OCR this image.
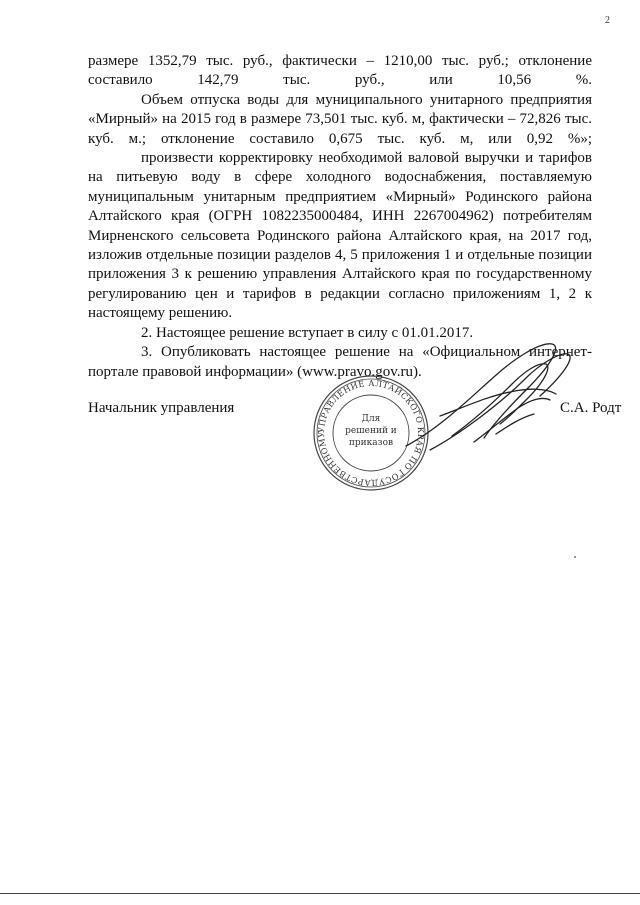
2

размере 1352,79 тыс. руб., фактически – 1210,00 тыс. руб.; отклонение составило 142,79 тыс. руб., или 10,56 %.

Объем отпуска воды для муниципального унитарного предприятия «Мирный» на 2015 год в размере 73,501 тыс. куб. м, фактически – 72,826 тыс. куб. м.; отклонение составило 0,675 тыс. куб. м, или 0,92 %»;

произвести корректировку необходимой валовой выручки и тарифов на питьевую воду в сфере холодного водоснабжения, поставляемую муниципальным унитарным предприятием «Мирный» Родинского района Алтайского края (ОГРН 1082235000484, ИНН 2267004962) потребителям Мирненского сельсовета Родинского района Алтайского края, на 2017 год, изложив отдельные позиции разделов 4, 5 приложения 1 и отдельные позиции приложения 3 к решению управления Алтайского края по государственному регулированию цен и тарифов в редакции согласно приложениям 1, 2 к настоящему решению.

2. Настоящее решение вступает в силу с 01.01.2017.

3. Опубликовать настоящее решение на «Официальном интернет-портале правовой информации» (www.pravo.gov.ru).

Начальник управления
УПРАВЛЕНИЕ АЛТАЙСКОГО КРАЯ ПО ГОСУДАРСТВЕННОМУ
Для
решений и
приказов
С.А. Родт
